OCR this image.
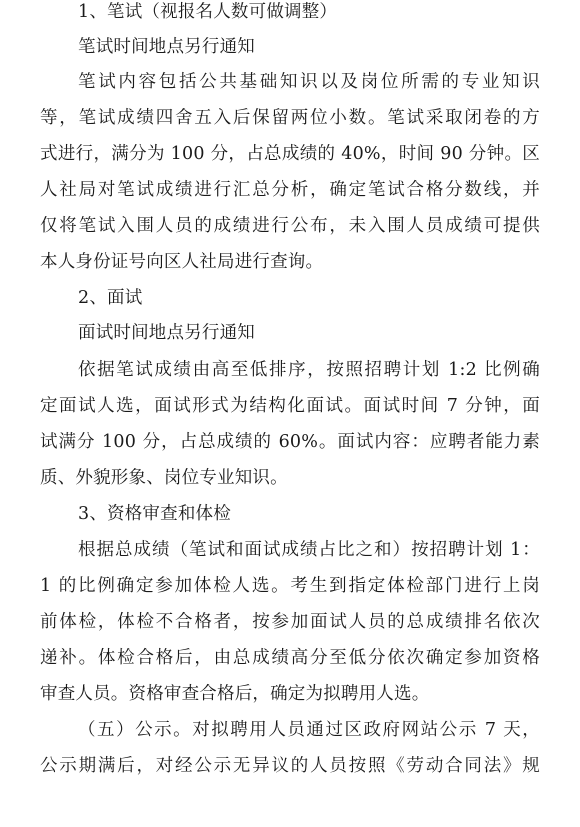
1、笔试（视报名人数可做调整）
笔试时间地点另行通知
笔试内容包括公共基础知识以及岗位所需的专业知识
等，笔试成绩四舍五入后保留两位小数。笔试采取闭卷的方
式进行，满分为 100 分，占总成绩的 40%，时间 90 分钟。区
人社局对笔试成绩进行汇总分析，确定笔试合格分数线，并
仅将笔试入围人员的成绩进行公布，未入围人员成绩可提供
本人身份证号向区人社局进行查询。
2、面试
面试时间地点另行通知
依据笔试成绩由高至低排序，按照招聘计划 1:2 比例确
定面试人选，面试形式为结构化面试。面试时间 7 分钟，面
试满分 100 分，占总成绩的 60%。面试内容：应聘者能力素
质、外貌形象、岗位专业知识。
3、资格审查和体检
根据总成绩（笔试和面试成绩占比之和）按招聘计划 1：
1 的比例确定参加体检人选。考生到指定体检部门进行上岗
前体检，体检不合格者，按参加面试人员的总成绩排名依次
递补。体检合格后，由总成绩高分至低分依次确定参加资格
审查人员。资格审查合格后，确定为拟聘用人选。
（五）公示。对拟聘用人员通过区政府网站公示 7 天，
公示期满后，对经公示无异议的人员按照《劳动合同法》规
